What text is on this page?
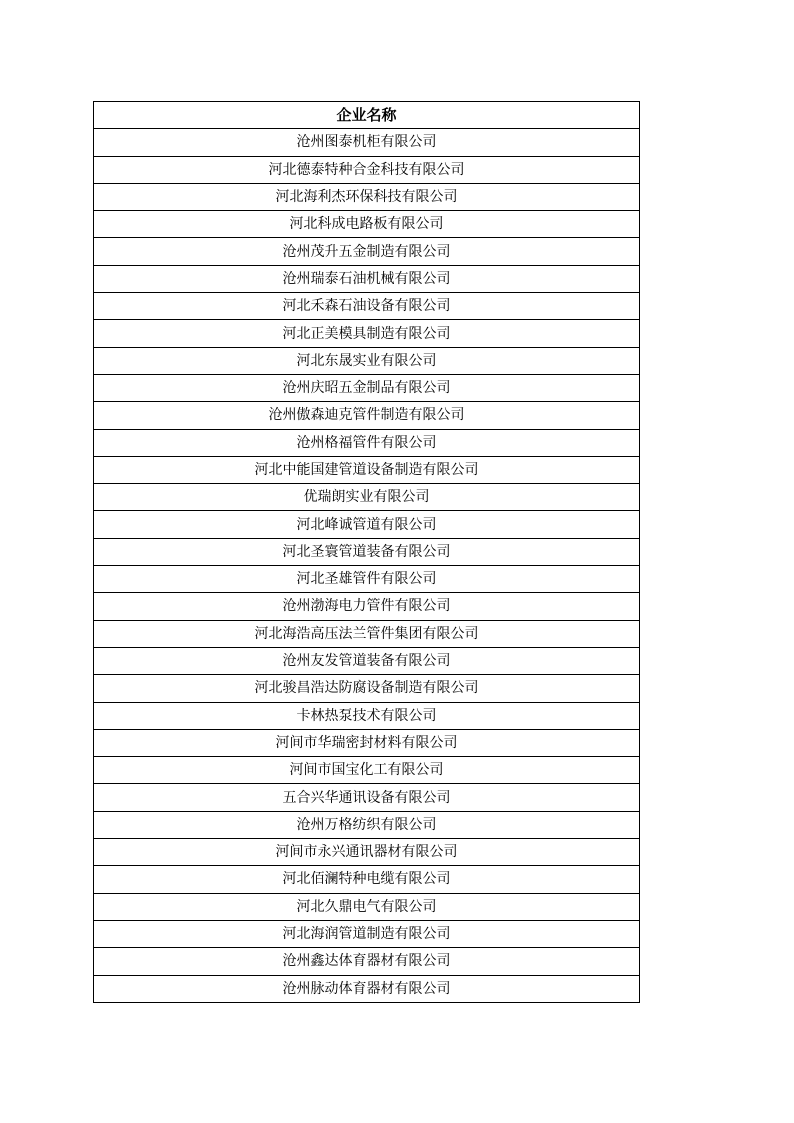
企业名称
沧州图泰机柜有限公司
河北德泰特种合金科技有限公司
河北海利杰环保科技有限公司
河北科成电路板有限公司
沧州茂升五金制造有限公司
沧州瑞泰石油机械有限公司
河北禾森石油设备有限公司
河北正美模具制造有限公司
河北东晟实业有限公司
沧州庆昭五金制品有限公司
沧州傲森迪克管件制造有限公司
沧州格福管件有限公司
河北中能国建管道设备制造有限公司
优瑞朗实业有限公司
河北峰诚管道有限公司
河北圣寰管道装备有限公司
河北圣雄管件有限公司
沧州渤海电力管件有限公司
河北海浩高压法兰管件集团有限公司
沧州友发管道装备有限公司
河北骏昌浩达防腐设备制造有限公司
卡林热泵技术有限公司
河间市华瑞密封材料有限公司
河间市国宝化工有限公司
五合兴华通讯设备有限公司
沧州万格纺织有限公司
河间市永兴通讯器材有限公司
河北佰澜特种电缆有限公司
河北久鼎电气有限公司
河北海润管道制造有限公司
沧州鑫达体育器材有限公司
沧州脉动体育器材有限公司
